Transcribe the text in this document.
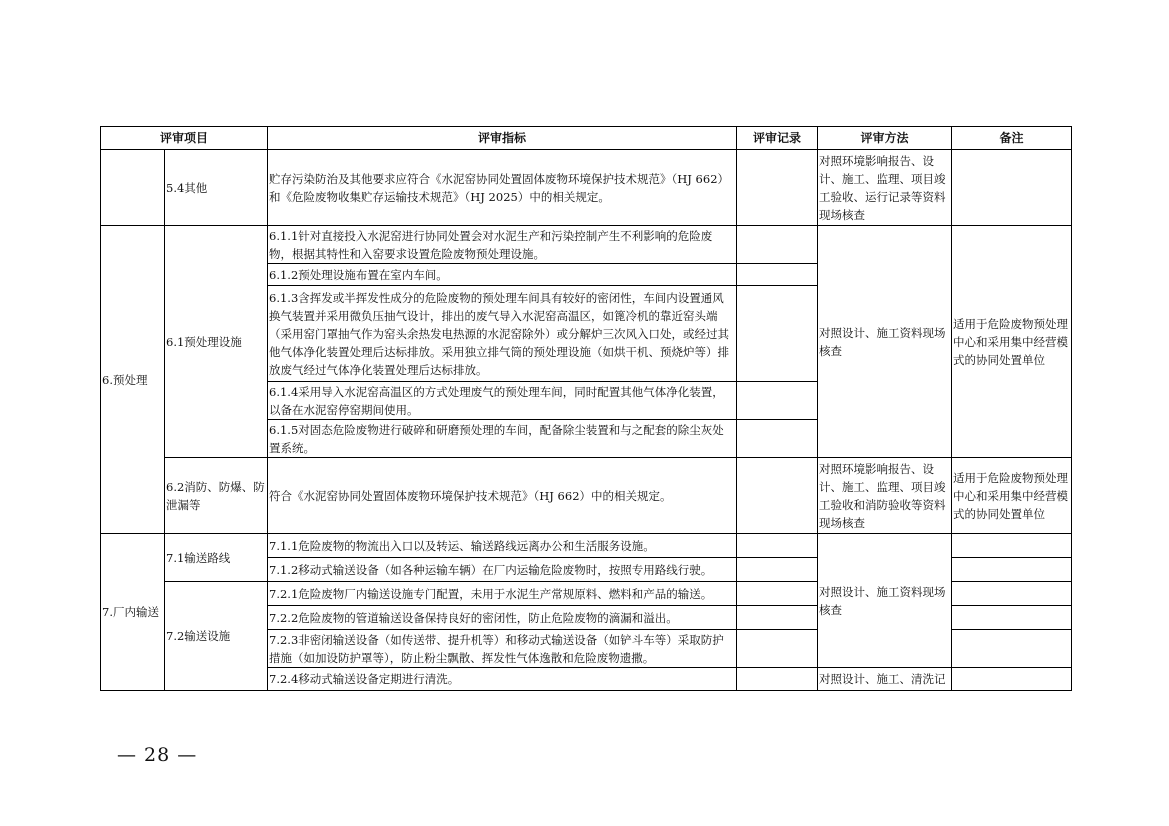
评审项目		评审指标	评审记录	评审方法	备注
	5.4其他	贮存污染防治及其他要求应符合《水泥窑协同处置固体废物环境保护技术规范》（HJ 662）和《危险废物收集贮存运输技术规范》（HJ 2025）中的相关规定。		对照环境影响报告、设计、施工、监理、项目竣工验收、运行记录等资料现场核查	
6.预处理	6.1预处理设施	6.1.1针对直接投入水泥窑进行协同处置会对水泥生产和污染控制产生不利影响的危险废物，根据其特性和入窑要求设置危险废物预处理设施。		对照设计、施工资料现场核查	适用于危险废物预处理中心和采用集中经营模式的协同处置单位
		6.1.2预处理设施布置在室内车间。			
		6.1.3含挥发或半挥发性成分的危险废物的预处理车间具有较好的密闭性，车间内设置通风换气装置并采用微负压抽气设计，排出的废气导入水泥窑高温区，如篦冷机的靠近窑头端（采用窑门罩抽气作为窑头余热发电热源的水泥窑除外）或分解炉三次风入口处，或经过其他气体净化装置处理后达标排放。采用独立排气筒的预处理设施（如烘干机、预烧炉等）排放废气经过气体净化装置处理后达标排放。			
		6.1.4采用导入水泥窑高温区的方式处理废气的预处理车间，同时配置其他气体净化装置，以备在水泥窑停窑期间使用。			
		6.1.5对固态危险废物进行破碎和研磨预处理的车间，配备除尘装置和与之配套的除尘灰处置系统。			
	6.2消防、防爆、防泄漏等	符合《水泥窑协同处置固体废物环境保护技术规范》（HJ 662）中的相关规定。		对照环境影响报告、设计、施工、监理、项目竣工验收和消防验收等资料现场核查	适用于危险废物预处理中心和采用集中经营模式的协同处置单位
7.厂内输送	7.1输送路线	7.1.1危险废物的物流出入口以及转运、输送路线远离办公和生活服务设施。		对照设计、施工资料现场核查	
		7.1.2移动式输送设备（如各种运输车辆）在厂内运输危险废物时，按照专用路线行驶。			
	7.2输送设施	7.2.1危险废物厂内输送设施专门配置，未用于水泥生产常规原料、燃料和产品的输送。			
		7.2.2危险废物的管道输送设备保持良好的密闭性，防止危险废物的滴漏和溢出。			
		7.2.3非密闭输送设备（如传送带、提升机等）和移动式输送设备（如铲斗车等）采取防护措施（如加设防护罩等），防止粉尘飘散、挥发性气体逸散和危险废物遗撒。			
		7.2.4移动式输送设备定期进行清洗。		对照设计、施工、清洗记	
— 28 —
